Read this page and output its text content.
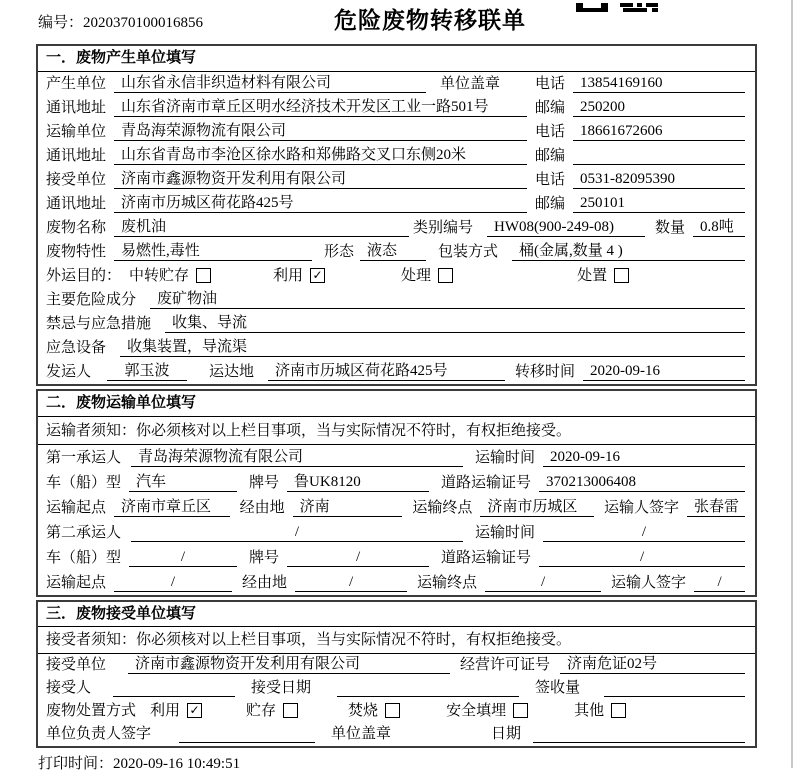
编号：2020370100016856	危险废物转移联单
一．废物产生单位填写
产生单位	山东省永信非织造材料有限公司	单位盖章 电话	13854169160
通讯地址	山东省济南市章丘区明水经济技术开发区工业一路501号	邮编	250200
运输单位	青岛海荣源物流有限公司	电话	18661672606
通讯地址	山东省青岛市李沧区徐水路和郑佛路交叉口东侧20米	邮编
接受单位	济南市鑫源物资开发利用有限公司	电话	0531-82095390
通讯地址	济南市历城区荷花路425号	邮编	250101
废物名称	废机油	类别编号	HW08(900-249-08)	数量	0.8吨
废物特性	易燃性,毒性	形态 液态	包装方式	桶(金属,数量 4 )
外运目的： 中转贮存	利用 ✓	处理	处置
主要危险成分	废矿物油
禁忌与应急措施	收集、导流
应急设备	收集装置，导流渠
发运人	郭玉波	运达地	济南市历城区荷花路425号	转移时间	2020-09-16
二．废物运输单位填写
运输者须知：你必须核对以上栏目事项，当与实际情况不符时，有权拒绝接受。
第一承运人	青岛海荣源物流有限公司	运输时间	2020-09-16
车（船）型	汽车	牌号	鲁UK8120	道路运输证号	370213006408
运输起点	济南市章丘区	经由地	济南	运输终点	济南市历城区	运输人签字	张春雷
第二承运人	/	运输时间	/
车（船）型	/	牌号	/	道路运输证号	/
运输起点	/	经由地	/	运输终点	/	运输人签字	/
三．废物接受单位填写
接受者须知：你必须核对以上栏目事项，当与实际情况不符时，有权拒绝接受。
接受单位	济南市鑫源物资开发利用有限公司	经营许可证号	济南危证02号
接受人	接受日期	签收量
废物处置方式 利用 ✓	贮存	焚烧	安全填埋	其他
单位负责人签字	单位盖章	日期
打印时间：2020-09-16 10:49:51
